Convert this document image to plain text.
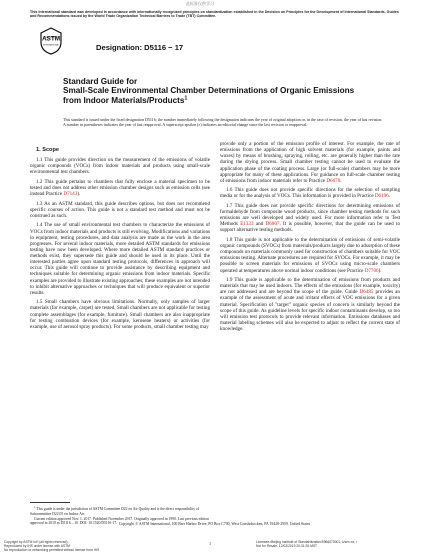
此标准仅供学习
This international standard was developed in accordance with internationally recognized principles on standardization established in the Decision on Principles for the Development of International Standards, Guides and Recommendations issued by the World Trade Organization Technical Barriers to Trade (TBT) Committee.
ASTM
INTERNATIONAL	Designation: D5116 − 17
Standard Guide for
Small-Scale Environmental Chamber Determinations of Organic Emissions from Indoor Materials/Products$^1$
This standard is issued under the fixed designation D5116; the number immediately following the designation indicates the year of original adoption or, in the case of revision, the year of last revision. A number in parentheses indicates the year of last reapproval. A superscript epsilon (ε) indicates an editorial change since the last revision or reapproval.
1. Scope

1.1 This guide provides direction on the measurement of the emissions of volatile organic compounds (VOCs) from indoor materials and products using small-scale environmental test chambers.

1.2 This guide pertains to chambers that fully enclose a material specimen to be tested and does not address other emission chamber designs such as emission cells (see instead Practice D7143).

1.3 As an ASTM standard, this guide describes options, but does not recommend specific courses of action. This guide is not a standard test method and must not be construed as such.

1.4 The use of small environmental test chambers to characterize the emissions of VOCs from indoor materials and products is still evolving. Modifications and variations in equipment, testing procedures, and data analysis are made as the work in the area progresses. For several indoor materials, more detailed ASTM standards for emissions testing have now been developed. Where more detailed ASTM standard practices or methods exist, they supersede this guide and should be used in its place. Until the interested parties agree upon standard testing protocols, differences in approach will occur. This guide will continue to provide assistance by describing equipment and techniques suitable for determining organic emissions from indoor materials. Specific examples are provided to illustrate existing approaches; these examples are not intended to inhibit alternative approaches or techniques that will produce equivalent or superior results.

1.5 Small chambers have obvious limitations. Normally, only samples of larger materials (for example, carpet) are tested. Small chambers are not applicable for testing complete assemblages (for example, furniture). Small chambers are also inappropriate for testing combustion devices (for example, kerosene heaters) or activities (for example, use of aerosol spray products). For some products, small chamber testing may

provide only a portion of the emission profile of interest. For example, the rate of emissions from the application of high solvent materials (for example, paints and waxes) by means of brushing, spraying, rolling, etc. are generally higher than the rate during the drying process. Small chamber testing cannot be used to evaluate the application phase of the coating process. Large (or full-scale) chambers may be more appropriate for many of these applications. For guidance on full-scale chamber testing of emissions from indoor materials refer to Practice D6670.

1.6 This guide does not provide specific directions for the selection of sampling media or for the analysis of VOCs. This information is provided in Practice D6196.

1.7 This guide does not provide specific directions for determining emissions of formaldehyde from composite wood products, since chamber testing methods for such emissions are well developed and widely used. For more information refer to Test Methods E1333 and D6007. It is possible, however, that the guide can be used to support alternative testing methods.

1.8 This guide is not applicable to the determination of emissions of semi-volatile organic compounds (SVOCs) from materials/products largely due to adsorption of these compounds on materials commonly used for construction of chambers suitable for VOC emissions testing. Alternate procedures are required for SVOCs. For example, it may be possible to screen materials for emissions of SVOCs using micro-scale chambers operated at temperatures above normal indoor conditions (see Practice D7706).

1.9 This guide is applicable to the determination of emissions from products and materials that may be used indoors. The effects of the emissions (for example, toxicity) are not addressed and are beyond the scope of the guide. Guide D6485 provides an example of the assessment of acute and irritant effects of VOC emissions for a given material. Specification of "target" organic species of concern is similarly beyond the scope of this guide. As guideline levels for specific indoor contaminants develop, so too will emission test protocols to provide relevant information. Emissions databases and material labeling schemes will also be expected to adjust to reflect the current state of knowledge.

$^1$ This guide is under the jurisdiction of ASTM Committee D22 on Air Quality and is the direct responsibility of Subcommittee D22.05 on Indoor Air.

Current edition approved Nov. 1, 2017. Published November 2017. Originally approved in 1990. Last previous edition approved in 2010 as D5116 – 10. DOI: 10.1520/D5116-17. Copyright © ASTM International, 100 Barr Harbor Drive, PO Box C700, West Conshohocken, PA 19428-2959. United States
Copyright by ASTM Int'l (all rights reserved);
Reproduced by IHS under license with ASTM
No reproduction or networking permitted without license from IHS
1	Licensee=Beijing Institute of Standardization/5966070001, User=xx, r
Not for Resale, 12/02/2019 20:31:26 MST
